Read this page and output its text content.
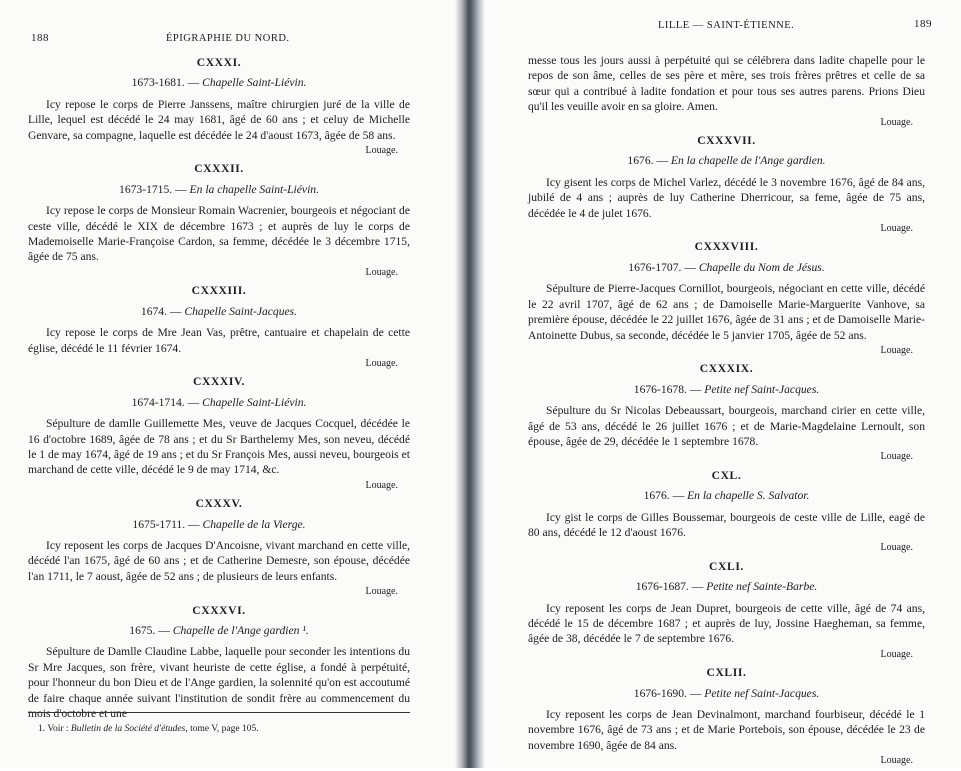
188	ÉPIGRAPHIE DU NORD.
CXXXI.
1673-1681. — Chapelle Saint-Liévin.

Icy repose le corps de Pierre Janssens, maître chirurgien juré de la ville de Lille, lequel est décédé le 24 may 1681, âgé de 60 ans ; et celuy de Michelle Genvare, sa compagne, laquelle est décédée le 24 d'aoust 1673, âgée de 58 ans.

Louage.
CXXXII.
1673-1715. — En la chapelle Saint-Liévin.

Icy repose le corps de Monsieur Romain Wacrenier, bourgeois et négociant de ceste ville, décédé le XIX de décembre 1673 ; et auprès de luy le corps de Mademoiselle Marie-Françoise Cardon, sa femme, décédée le 3 décembre 1715, âgée de 75 ans.

Louage.
CXXXIII.
1674. — Chapelle Saint-Jacques.

Icy repose le corps de Mre Jean Vas, prêtre, cantuaire et chapelain de cette église, décédé le 11 février 1674.

Louage.
CXXXIV.
1674-1714. — Chapelle Saint-Liévin.

Sépulture de damlle Guillemette Mes, veuve de Jacques Cocquel, décédée le 16 d'octobre 1689, âgée de 78 ans ; et du Sr Barthelemy Mes, son neveu, décédé le 1 de may 1674, âgé de 19 ans ; et du Sr François Mes, aussi neveu, bourgeois et marchand de cette ville, décédé le 9 de may 1714, &c.

Louage.
CXXXV.
1675-1711. — Chapelle de la Vierge.

Icy reposent les corps de Jacques D'Ancoisne, vivant marchand en cette ville, décédé l'an 1675, âgé de 60 ans ; et de Catherine Demesre, son épouse, décédée l'an 1711, le 7 aoust, âgée de 52 ans ; de plusieurs de leurs enfants.

Louage.
CXXXVI.
1675. — Chapelle de l'Ange gardien ¹.

Sépulture de Damlle Claudine Labbe, laquelle pour seconder les intentions du Sr Mre Jacques, son frère, vivant heuriste de cette église, a fondé à perpétuité, pour l'honneur du bon Dieu et de l'Ange gardien, la solennité qu'on est accoutumé de faire chaque année suivant l'institution de sondit frère au commencement du mois d'octobre et une

1. Voir : Bulletin de la Société d'études, tome V, page 105.
LILLE — SAINT-ÉTIENNE.	189

messe tous les jours aussi à perpétuité qui se célébrera dans ladite chapelle pour le repos de son âme, celles de ses père et mère, ses trois frères prêtres et celle de sa sœur qui a contribué à ladite fondation et pour tous ses autres parens. Prions Dieu qu'il les veuille avoir en sa gloire. Amen.

Louage.
CXXXVII.
1676. — En la chapelle de l'Ange gardien.

Icy gisent les corps de Michel Varlez, décédé le 3 novembre 1676, âgé de 84 ans, jubilé de 4 ans ; auprès de luy Catherine Dherricour, sa feme, âgée de 75 ans, décédée le 4 de julet 1676.

Louage.
CXXXVIII.
1676-1707. — Chapelle du Nom de Jésus.

Sépulture de Pierre-Jacques Cornillot, bourgeois, négociant en cette ville, décédé le 22 avril 1707, âgé de 62 ans ; de Damoiselle Marie-Marguerite Vanhove, sa première épouse, décédée le 22 juillet 1676, âgée de 31 ans ; et de Damoiselle Marie-Antoinette Dubus, sa seconde, décédée le 5 janvier 1705, âgée de 52 ans.

Louage.
CXXXIX.
1676-1678. — Petite nef Saint-Jacques.

Sépulture du Sr Nicolas Debeaussart, bourgeois, marchand cirier en cette ville, âgé de 53 ans, décédé le 26 juillet 1676 ; et de Marie-Magdelaine Lernoult, son épouse, âgée de 29, décédée le 1 septembre 1678.

Louage.
CXL.
1676. — En la chapelle S. Salvator.

Icy gist le corps de Gilles Boussemar, bourgeois de ceste ville de Lille, eagé de 80 ans, décédé le 12 d'aoust 1676.

Louage.
CXLI.
1676-1687. — Petite nef Sainte-Barbe.

Icy reposent les corps de Jean Dupret, bourgeois de cette ville, âgé de 74 ans, décédé le 15 de décembre 1687 ; et auprès de luy, Jossine Haegheman, sa femme, âgée de 38, décédée le 7 de septembre 1676.

Louage.
CXLII.
1676-1690. — Petite nef Saint-Jacques.

Icy reposent les corps de Jean Devinalmont, marchand fourbiseur, décédé le 1 novembre 1676, âgé de 73 ans ; et de Marie Portebois, son épouse, décédée le 23 de novembre 1690, âgée de 84 ans.

Louage.
